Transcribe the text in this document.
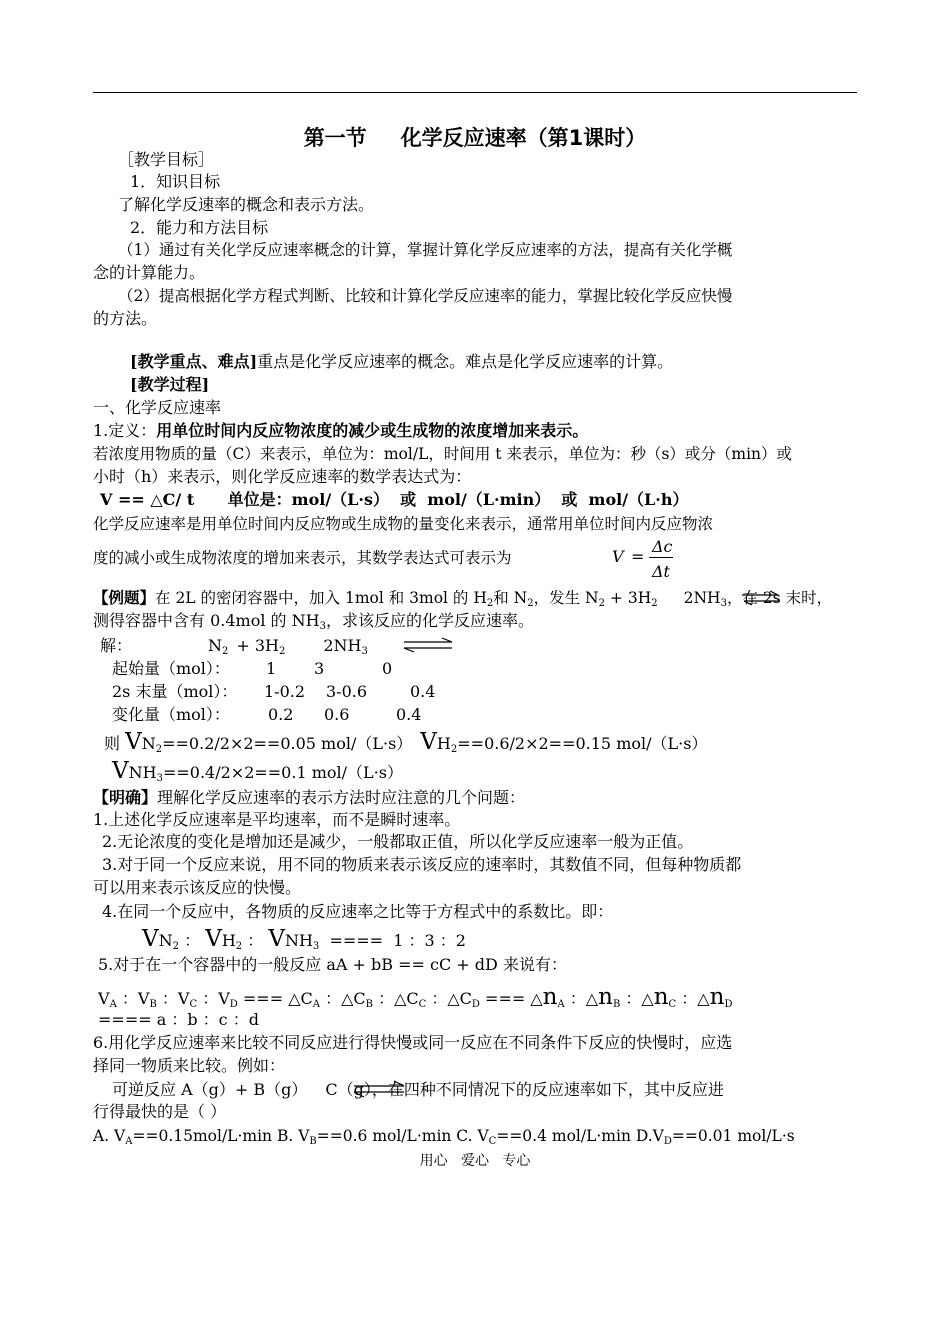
第一节 化学反应速率（第1课时）
［教学目标］
1．知识目标
了解化学反速率的概念和表示方法。
2．能力和方法目标
（1）通过有关化学反应速率概念的计算，掌握计算化学反应速率的方法，提高有关化学概
念的计算能力。
（2）提高根据化学方程式判断、比较和计算化学反应速率的能力，掌握比较化学反应快慢
的方法。
[教学重点、难点]重点是化学反应速率的概念。难点是化学反应速率的计算。
[教学过程]
一、化学反应速率
1.定义：用单位时间内反应物浓度的减少或生成物的浓度增加来表示。
若浓度用物质的量（C）来表示，单位为：mol/L，时间用 t 来表示，单位为：秒（s）或分（min）或
小时（h）来表示，则化学反应速率的数学表达式为：
V == △C/ t      单位是：mol/（L·s）  或  mol/（L·min）  或  mol/（L·h）
化学反应速率是用单位时间内反应物或生成物的量变化来表示，通常用单位时间内反应物浓
度的减小或生成物浓度的增加来表示，其数学表达式可表示为	V =
Δc
Δt
【例题】在 2L 的密闭容器中，加入 1mol 和 3mol 的 $H_2$和 $N_2$，发生 $N_2 + 3H_2$ $2NH_3$，在 2s 末时，
测得容器中含有 0.4mol 的 $NH_3$，求该反应的化学反应速率。
解：	$N_2 + 3H_2$ $2NH_3$
起始量（mol）： 1 3	0
2s 末量（mol）： 1-0.2 3-0.6	0.4
变化量（mol）： 0.2 0.6	0.4
则 $VN_2==0.2/2\times 2==0.05$ mol/（L·s） $VH_2==0.6/2\times 2==0.15$ mol/（L·s）
$VNH_3==0.4/2\times 2==0.1$ mol/（L·s）
【明确】理解化学反应速率的表示方法时应注意的几个问题：
1.上述化学反应速率是平均速率，而不是瞬时速率。
2.无论浓度的变化是增加还是减少，一般都取正值，所以化学反应速率一般为正值。
3.对于同一个反应来说，用不同的物质来表示该反应的速率时，其数值不同，但每种物质都
可以用来表示该反应的快慢。
4.在同一个反应中，各物质的反应速率之比等于方程式中的系数比。即：
$VN_2$ ： $VH_2$ ： $VNH_3$ ====  1 ：3 ：2
5.对于在一个容器中的一般反应 aA + bB == cC + dD 来说有：
$V_A$ ：$V_B$ ：$V_C$ ：$V_D$ === $\triangle C_A$ ：$\triangle C_B$ ：$\triangle C_C$ ：$\triangle C_D$ === $\triangle n_A$ ：$\triangle n_B$ ：$\triangle n_C$ ：$\triangle n_D$
==== a ：b ：c ：d
6.用化学反应速率来比较不同反应进行得快慢或同一反应在不同条件下反应的快慢时，应选
择同一物质来比较。例如：
可逆反应 A（g）+ B（g） C（g），在四种不同情况下的反应速率如下，其中反应进
行得最快的是（ ）
A. $V_A==0.15mol/L\cdot\min$ B. $V_B==0.6$ mol/L·min C. $V_C==0.4$ mol/L·min $D.V_D==0.01$ mol/L·s
用心   爱心   专心
